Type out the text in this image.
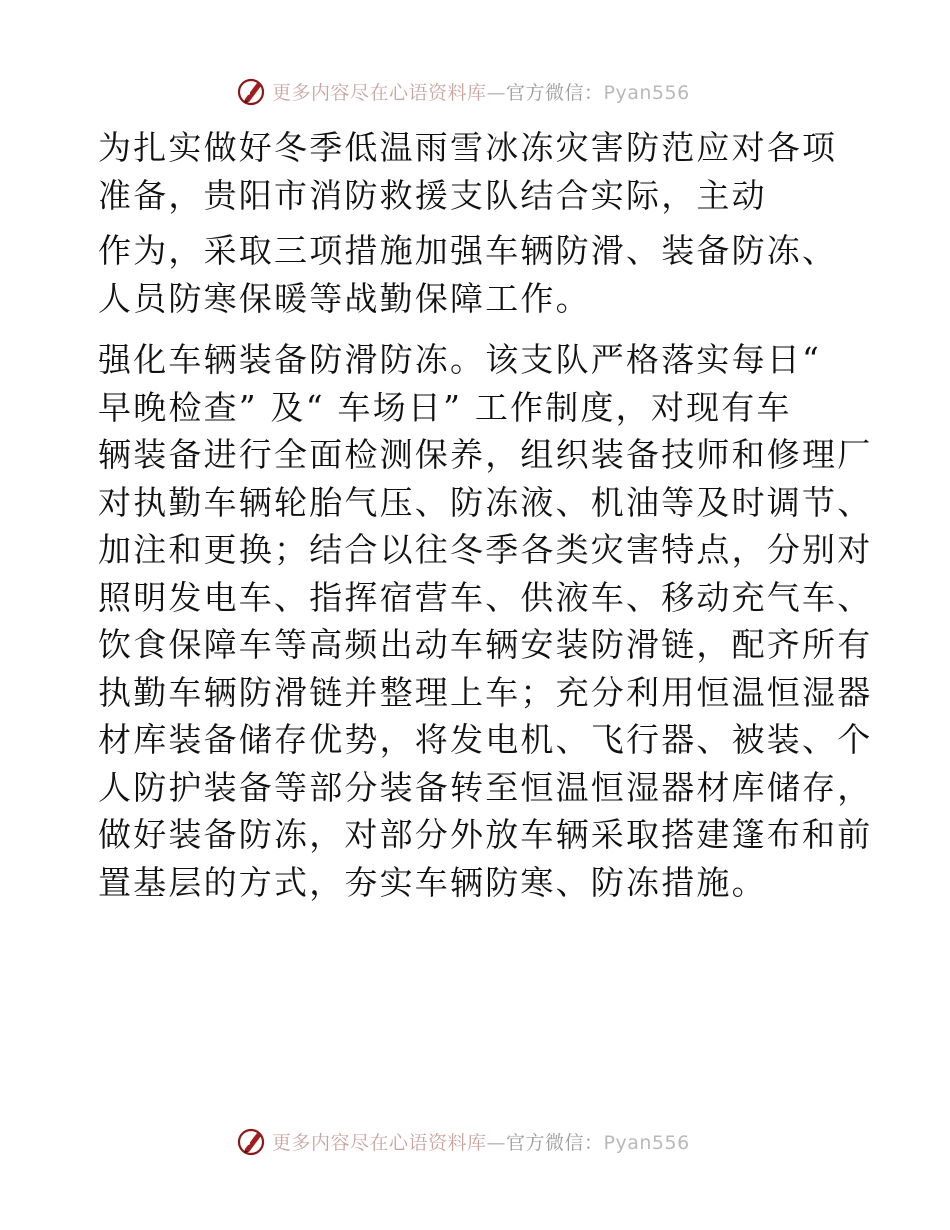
更多内容尽在心语资料库—官方微信：Pyan556

为扎实做好冬季低温雨雪冰冻灾害防范应对各项
准备，贵阳市消防救援支队结合实际，主动

作为，采取三项措施加强车辆防滑、装备防冻、
人员防寒保暖等战勤保障工作。

强化车辆装备防滑防冻。该支队严格落实每日“
早晚检查” 及“ 车场日” 工作制度，对现有车
辆装备进行全面检测保养，组织装备技师和修理厂
对执勤车辆轮胎气压、防冻液、机油等及时调节、
加注和更换；结合以往冬季各类灾害特点，分别对
照明发电车、指挥宿营车、供液车、移动充气车、
饮食保障车等高频出动车辆安装防滑链，配齐所有
执勤车辆防滑链并整理上车；充分利用恒温恒湿器
材库装备储存优势，将发电机、飞行器、被装、个
人防护装备等部分装备转至恒温恒湿器材库储存，
做好装备防冻，对部分外放车辆采取搭建篷布和前
置基层的方式，夯实车辆防寒、防冻措施。

更多内容尽在心语资料库—官方微信：Pyan556
